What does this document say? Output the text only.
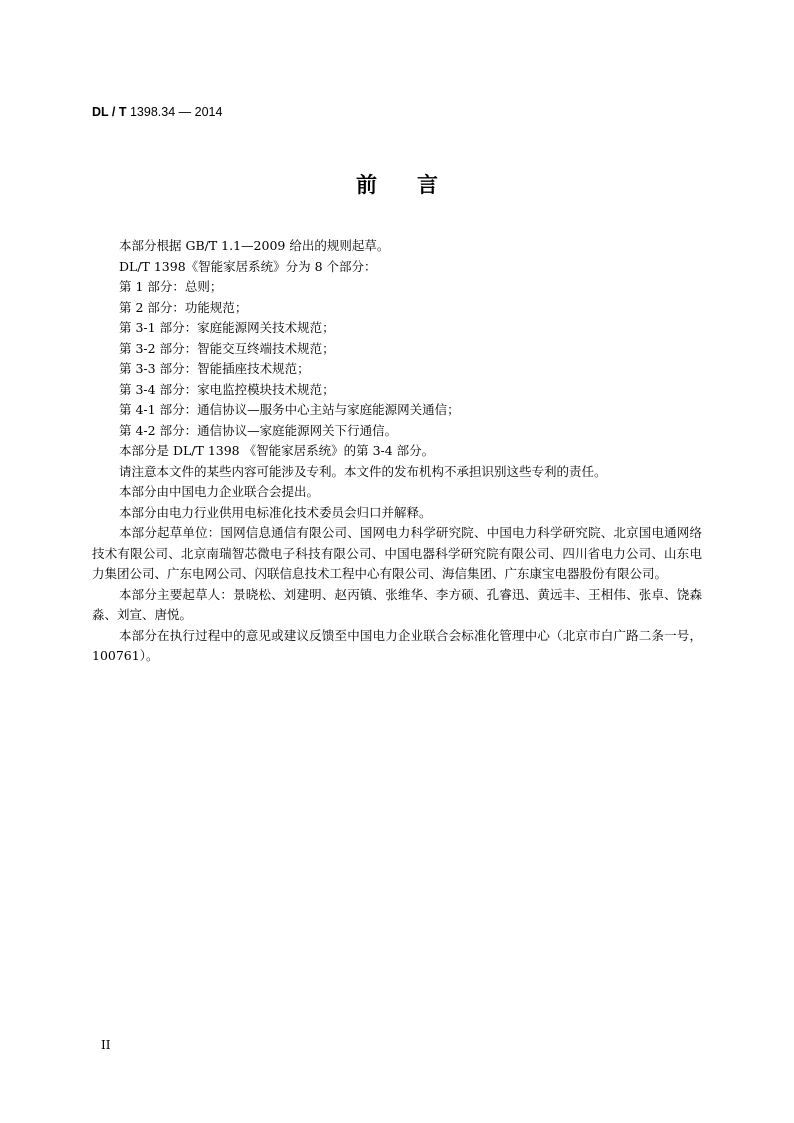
DL / T 1398.34 — 2014
前言

本部分根据 GB/T 1.1—2009 给出的规则起草。

DL/T 1398《智能家居系统》分为 8 个部分：

第 1 部分：总则；

第 2 部分：功能规范；

第 3-1 部分：家庭能源网关技术规范；

第 3-2 部分：智能交互终端技术规范；

第 3-3 部分：智能插座技术规范；

第 3-4 部分：家电监控模块技术规范；

第 4-1 部分：通信协议—服务中心主站与家庭能源网关通信；

第 4-2 部分：通信协议—家庭能源网关下行通信。

本部分是 DL/T 1398 《智能家居系统》的第 3-4 部分。

请注意本文件的某些内容可能涉及专利。本文件的发布机构不承担识别这些专利的责任。

本部分由中国电力企业联合会提出。

本部分由电力行业供用电标准化技术委员会归口并解释。

本部分起草单位：国网信息通信有限公司、国网电力科学研究院、中国电力科学研究院、北京国电通网络技术有限公司、北京南瑞智芯微电子科技有限公司、中国电器科学研究院有限公司、四川省电力公司、山东电力集团公司、广东电网公司、闪联信息技术工程中心有限公司、海信集团、广东康宝电器股份有限公司。

本部分主要起草人：景晓松、刘建明、赵丙镇、张维华、李方硕、孔睿迅、黄远丰、王相伟、张卓、饶森淼、刘宣、唐悦。

本部分在执行过程中的意见或建议反馈至中国电力企业联合会标准化管理中心（北京市白广路二条一号，100761）。

II
